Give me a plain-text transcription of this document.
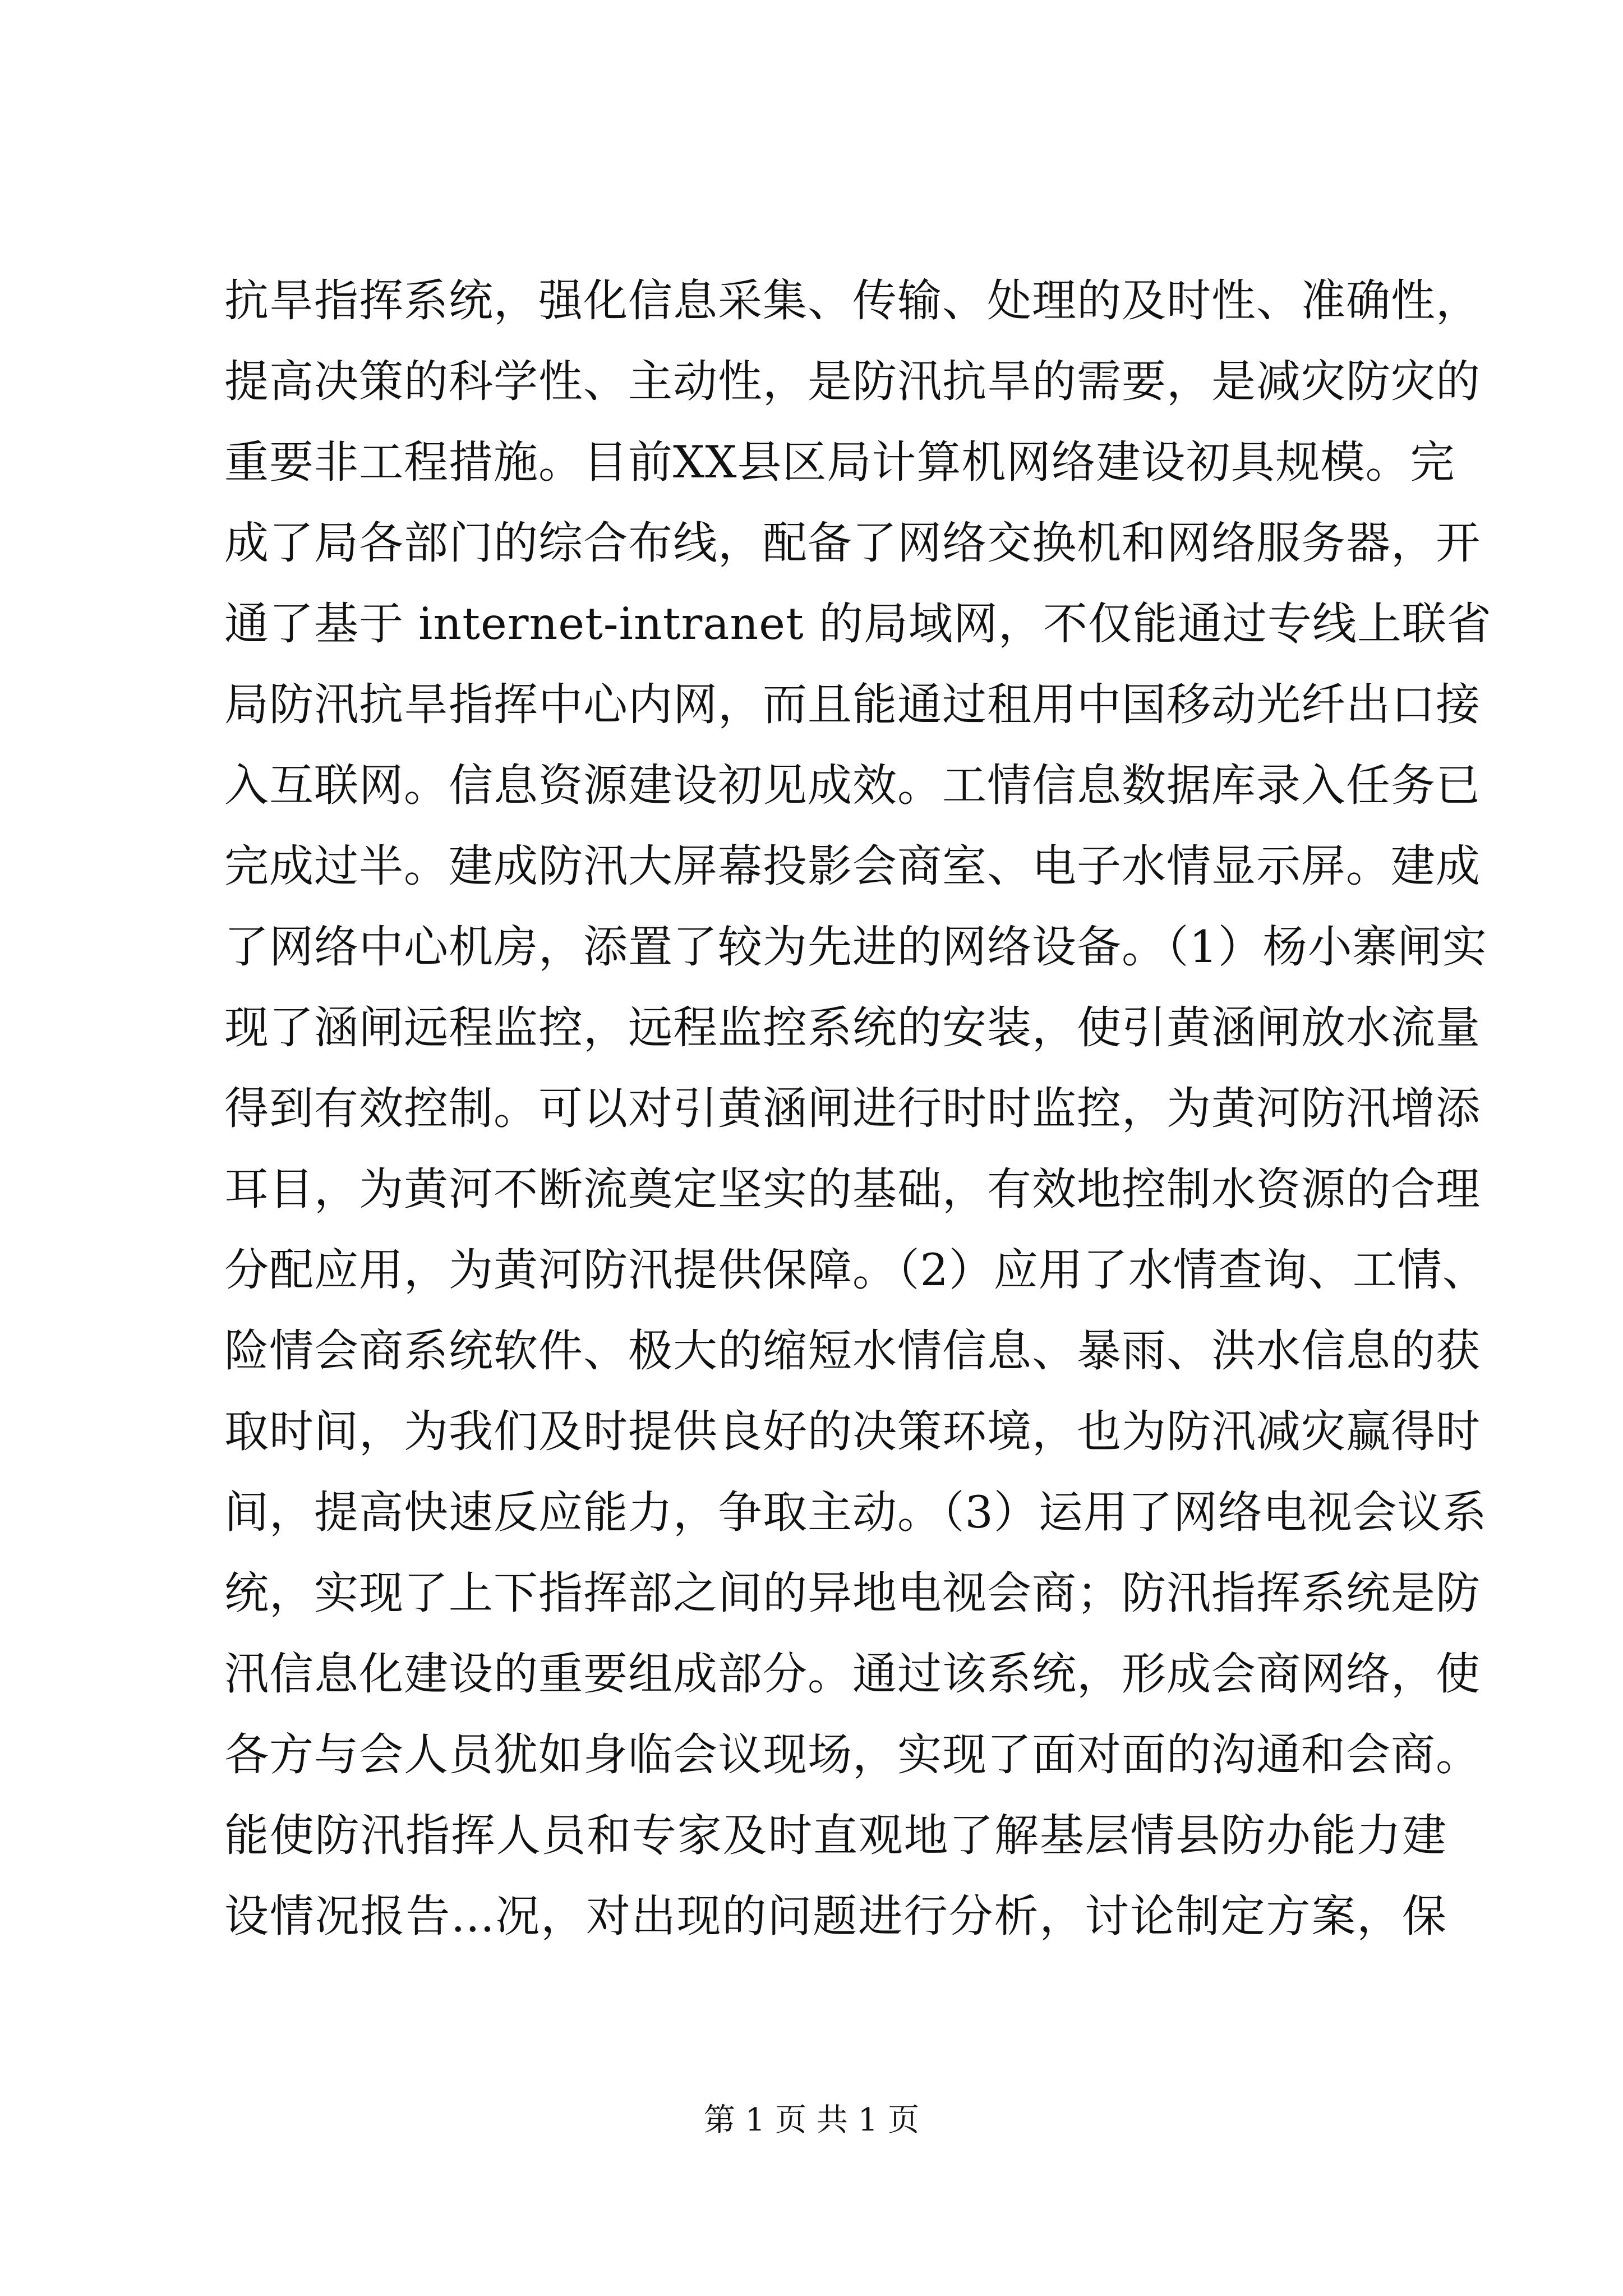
抗旱指挥系统，强化信息采集、传输、处理的及时性、准确性，
提高决策的科学性、主动性，是防汛抗旱的需要，是减灾防灾的
重要非工程措施。目前XX县区局计算机网络建设初具规模。完
成了局各部门的综合布线，配备了网络交换机和网络服务器，开
通了基于 internet-intranet 的局域网，不仅能通过专线上联省
局防汛抗旱指挥中心内网，而且能通过租用中国移动光纤出口接
入互联网。信息资源建设初见成效。工情信息数据库录入任务已
完成过半。建成防汛大屏幕投影会商室、电子水情显示屏。建成
了网络中心机房，添置了较为先进的网络设备。（1）杨小寨闸实
现了涵闸远程监控，远程监控系统的安装，使引黄涵闸放水流量
得到有效控制。可以对引黄涵闸进行时时监控，为黄河防汛增添
耳目，为黄河不断流奠定坚实的基础，有效地控制水资源的合理
分配应用，为黄河防汛提供保障。（2）应用了水情查询、工情、
险情会商系统软件、极大的缩短水情信息、暴雨、洪水信息的获
取时间，为我们及时提供良好的决策环境，也为防汛减灾赢得时
间，提高快速反应能力，争取主动。（3）运用了网络电视会议系
统，实现了上下指挥部之间的异地电视会商；防汛指挥系统是防
汛信息化建设的重要组成部分。通过该系统，形成会商网络，使
各方与会人员犹如身临会议现场，实现了面对面的沟通和会商。
能使防汛指挥人员和专家及时直观地了解基层情县防办能力建
设情况报告...况，对出现的问题进行分析，讨论制定方案，保
第 1 页 共 1 页
